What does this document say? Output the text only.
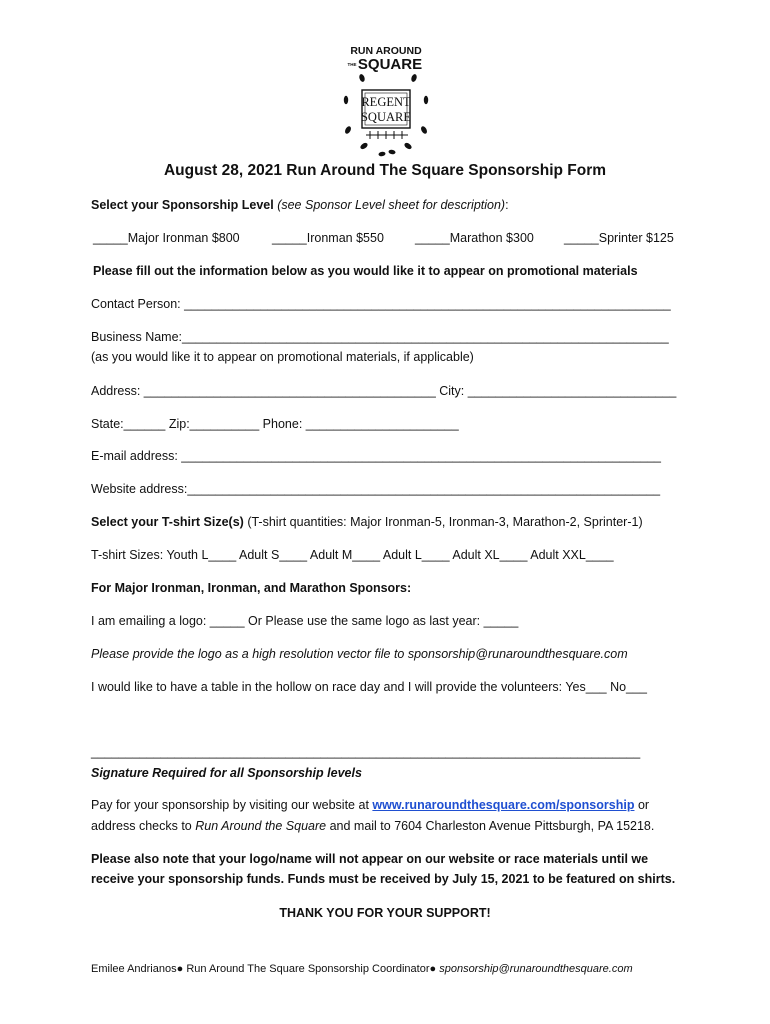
RUN AROUND
THE SQUARE
REGENT
SQUARE
August 28, 2021 Run Around The Square Sponsorship Form
Select your Sponsorship Level (see Sponsor Level sheet for description):
_____Major Ironman $800	_____Ironman $550 _____Marathon $300 _____Sprinter $125
Please fill out the information below as you would like it to appear on promotional materials
Contact Person: ______________________________________________________________________
Business Name:______________________________________________________________________
(as you would like it to appear on promotional materials, if applicable)
Address: __________________________________________ City: ______________________________
State:______ Zip:__________ Phone: ______________________
E-mail address: _____________________________________________________________________
Website address:____________________________________________________________________
Select your T-shirt Size(s) (T-shirt quantities: Major Ironman-5, Ironman-3, Marathon-2, Sprinter-1)
T-shirt Sizes: Youth L____ Adult S____ Adult M____ Adult L____ Adult XL____ Adult XXL____
For Major Ironman, Ironman, and Marathon Sponsors:
I am emailing a logo: _____ Or Please use the same logo as last year: _____
Please provide the logo as a high resolution vector file to sponsorship@runaroundthesquare.com
I would like to have a table in the hollow on race day and I will provide the volunteers: Yes___ No___
_______________________________________________________________________________
Signature Required for all Sponsorship levels
Pay for your sponsorship by visiting our website at www.runaroundthesquare.com/sponsorship or
address checks to Run Around the Square and mail to 7604 Charleston Avenue Pittsburgh, PA 15218.
Please also note that your logo/name will not appear on our website or race materials until we
receive your sponsorship funds. Funds must be received by July 15, 2021 to be featured on shirts.
THANK YOU FOR YOUR SUPPORT!
Emilee Andrianos● Run Around The Square Sponsorship Coordinator● sponsorship@runaroundthesquare.com
